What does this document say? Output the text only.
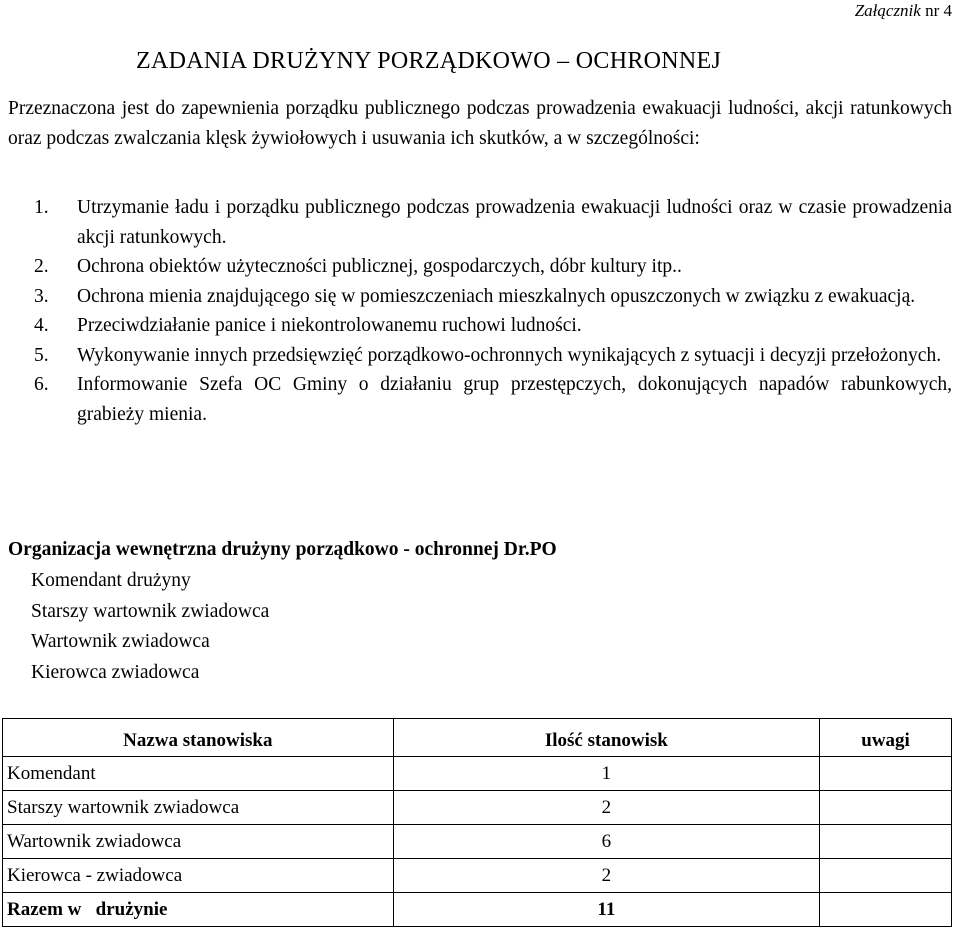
Załącznik nr 4
ZADANIA DRUŻYNY PORZĄDKOWO – OCHRONNEJ

Przeznaczona jest do zapewnienia porządku publicznego podczas prowadzenia ewakuacji ludności, akcji ratunkowych oraz podczas zwalczania klęsk żywiołowych i usuwania ich skutków, a w szczególności:

1. Utrzymanie ładu i porządku publicznego podczas prowadzenia ewakuacji ludności oraz w czasie prowadzenia akcji ratunkowych.
2. Ochrona obiektów użyteczności publicznej, gospodarczych, dóbr kultury itp..
3. Ochrona mienia znajdującego się w pomieszczeniach mieszkalnych opuszczonych w związku z ewakuacją.
4. Przeciwdziałanie panice i niekontrolowanemu ruchowi ludności.
5. Wykonywanie innych przedsięwzięć porządkowo-ochronnych wynikających z sytuacji i decyzji przełożonych.
6. Informowanie Szefa OC Gminy o działaniu grup przestępczych, dokonujących napadów rabunkowych, grabieży mienia.
Organizacja wewnętrzna drużyny porządkowo - ochronnej Dr.PO
Komendant drużyny
Starszy wartownik zwiadowca
Wartownik zwiadowca
Kierowca zwiadowca
Nazwa stanowiska	Ilość stanowisk	uwagi
Komendant	1	
Starszy wartownik zwiadowca	2	
Wartownik zwiadowca	6	
Kierowca - zwiadowca	2	
Razem w   drużynie	11	
